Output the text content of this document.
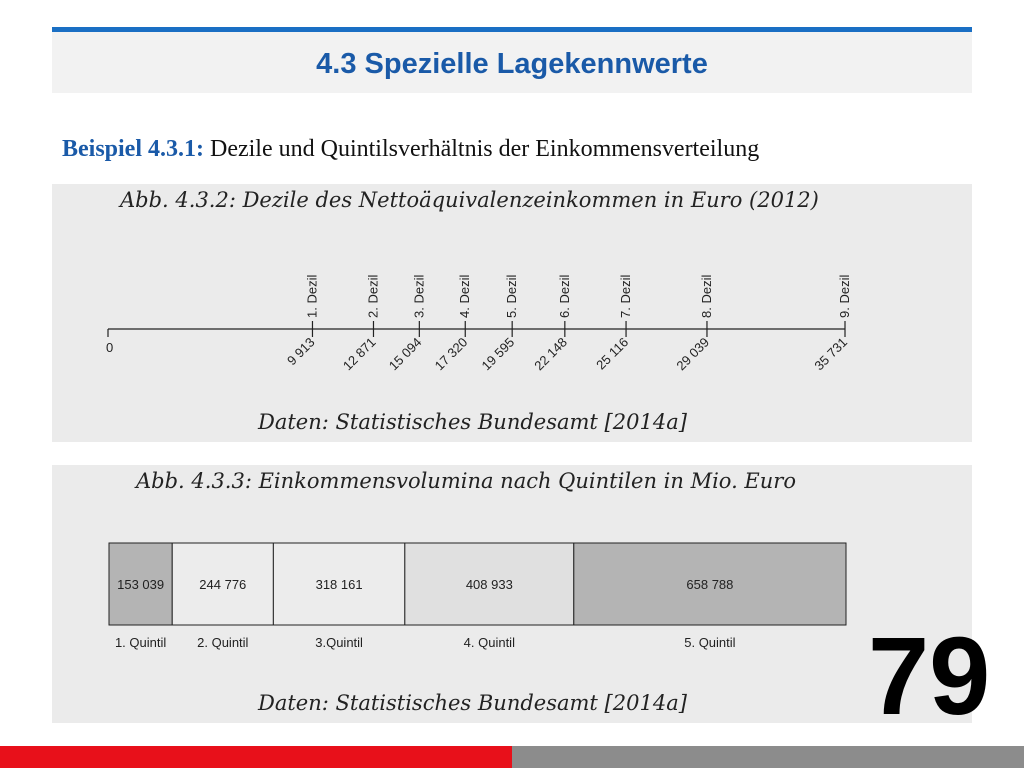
4.3 Spezielle Lagekennwerte
Beispiel 4.3.1: Dezile und Quintilsverhältnis der Einkommensverteilung
Abb. 4.3.2: Dezile des Nettoäquivalenzeinkommen in Euro (2012)
0
1. Dezil
9 913
2. Dezil
12 871
3. Dezil
15 094
4. Dezil
17 320
5. Dezil
19 595
6. Dezil
22 148
7. Dezil
25 116
8. Dezil
29 039
9. Dezil
35 731
Daten: Statistisches Bundesamt [2014a]
Abb. 4.3.3: Einkommensvolumina nach Quintilen in Mio. Euro
153 039
1. Quintil
244 776
2. Quintil
318 161
3.Quintil
408 933
4. Quintil
658 788
5. Quintil
Daten: Statistisches Bundesamt [2014a] 79
